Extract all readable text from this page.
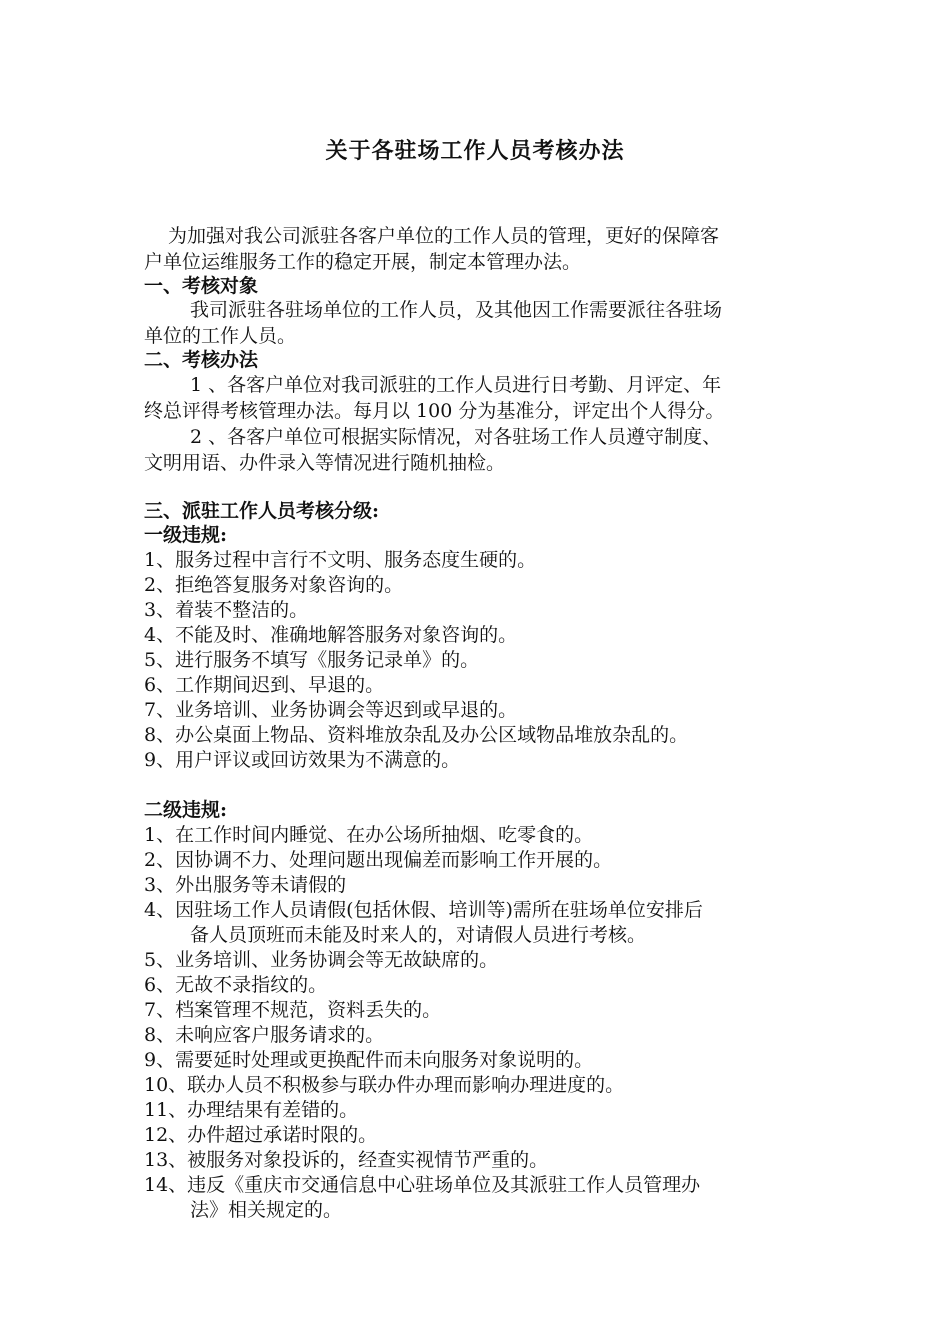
关于各驻场工作人员考核办法
为加强对我公司派驻各客户单位的工作人员的管理，更好的保障客
户单位运维服务工作的稳定开展，制定本管理办法。
一、考核对象
我司派驻各驻场单位的工作人员，及其他因工作需要派往各驻场
单位的工作人员。
二、考核办法
1 、各客户单位对我司派驻的工作人员进行日考勤、月评定、年
终总评得考核管理办法。每月以 100 分为基准分，评定出个人得分。
2 、各客户单位可根据实际情况，对各驻场工作人员遵守制度、
文明用语、办件录入等情况进行随机抽检。
三、派驻工作人员考核分级:
一级违规:
1、服务过程中言行不文明、服务态度生硬的。
2、拒绝答复服务对象咨询的。
3、着装不整洁的。
4、不能及时、准确地解答服务对象咨询的。
5、进行服务不填写《服务记录单》的。
6、工作期间迟到、早退的。
7、业务培训、业务协调会等迟到或早退的。
8、办公桌面上物品、资料堆放杂乱及办公区域物品堆放杂乱的。
9、用户评议或回访效果为不满意的。
二级违规:
1、在工作时间内睡觉、在办公场所抽烟、吃零食的。
2、因协调不力、处理问题出现偏差而影响工作开展的。
3、外出服务等未请假的
4、因驻场工作人员请假(包括休假、培训等)需所在驻场单位安排后
备人员顶班而未能及时来人的，对请假人员进行考核。
5、业务培训、业务协调会等无故缺席的。
6、无故不录指纹的。
7、档案管理不规范，资料丢失的。
8、未响应客户服务请求的。
9、需要延时处理或更换配件而未向服务对象说明的。
10、联办人员不积极参与联办件办理而影响办理进度的。
11、办理结果有差错的。
12、办件超过承诺时限的。
13、被服务对象投诉的，经查实视情节严重的。
14、违反《重庆市交通信息中心驻场单位及其派驻工作人员管理办
法》相关规定的。
